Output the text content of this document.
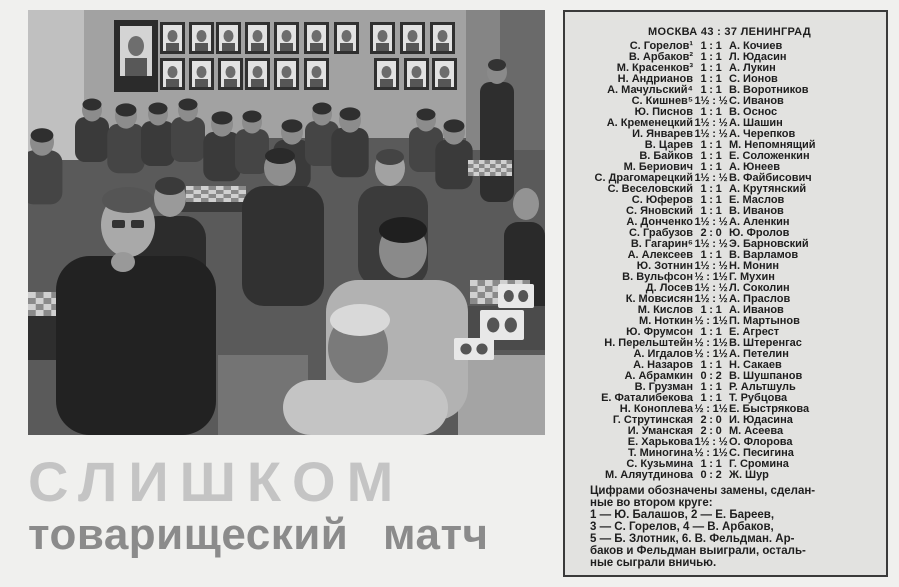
СЛИШКОМ
товарищеский матч
МОСКВА 43 : 37 ЛЕНИНГРАД
С. Горелов¹ 1 : 1 А. Кочиев
В. Арбаков² 1 : 1 Л. Юдасин
М. Красенков³ 1 : 1 А. Лукин
Н. Андрианов 1 : 1 С. Ионов
А. Мачульский⁴ 1 : 1 В. Воротников
С. Кишнев⁵ 1½ : ½ С. Иванов
Ю. Писнов 1 : 1 В. Оснос
А. Кременецкий 1½ : ½ А. Шашин
И. Январев 1½ : ½ А. Черепков
В. Царев 1 : 1 М. Непомнящий
В. Байков 1 : 1 Е. Соложенкин
М. Бериович 1 : 1 А. Юнеев
С. Драгомарецкий 1½ : ½ В. Файбисович
С. Веселовский 1 : 1 А. Крутянский
С. Юферов 1 : 1 Е. Маслов
С. Яновский 1 : 1 В. Иванов
А. Донченко 1½ : ½ А. Аленкин
С. Грабузов 2 : 0 Ю. Фролов
В. Гагарин⁶ 1½ : ½ Э. Барновский
А. Алексеев 1 : 1 В. Варламов
Ю. Зотнин 1½ : ½ Н. Монин
В. Вульфсон ½ : 1½ Г. Мухин
Д. Лосев 1½ : ½ Л. Соколин
К. Мовсисян 1½ : ½ А. Праслов
М. Кислов 1 : 1 А. Иванов
М. Ноткин ½ : 1½ П. Мартынов
Ю. Фрумсон 1 : 1 Е. Агрест
Н. Перельштейн ½ : 1½ В. Штеренгас
А. Игдалов ½ : 1½ А. Петелин
А. Назаров 1 : 1 Н. Сакаев
А. Абрамкин 0 : 2 В. Шушпанов
В. Грузман 1 : 1 Р. Альтшуль
Е. Фаталибекова 1 : 1 Т. Рубцова
Н. Коноплева ½ : 1½ Е. Быстрякова
Г. Струтинская 2 : 0 И. Юдасина
И. Уманская 2 : 0 М. Асеева
Е. Харькова 1½ : ½ О. Флорова
Т. Миногина ½ : 1½ С. Песигина
С. Кузьмина 1 : 1 Г. Сромина
М. Аляутдинова 0 : 2 Ж. Шур
Цифрами обозначены замены, сделан-
ные во втором круге:
1 — Ю. Балашов, 2 — Е. Бареев,
3 — С. Горелов, 4 — В. Арбаков,
5 — Б. Злотник, 6. В. Фельдман. Ар-
баков и Фельдман выиграли, осталь-
ные сыграли вничью.
